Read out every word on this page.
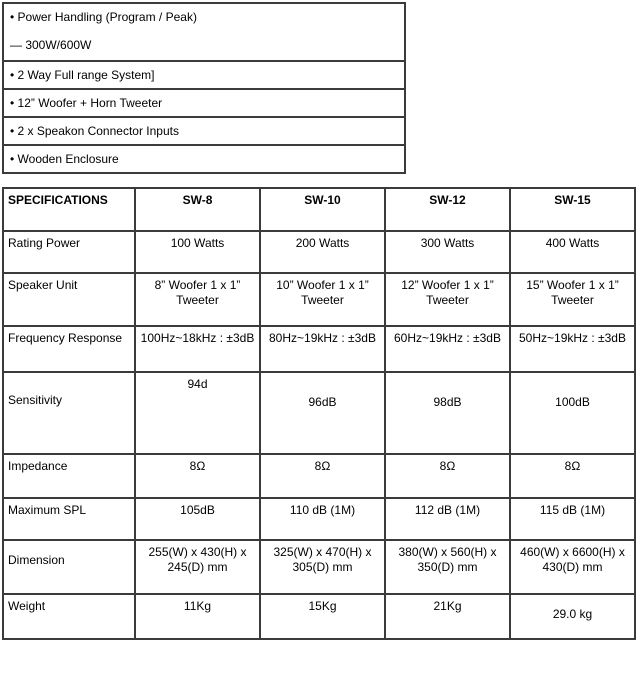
• Power Handling (Program / Peak)
— 300W/600W

• 2 Way Full range System]

• 12” Woofer + Horn Tweeter

• 2 x Speakon Connector Inputs

• Wooden Enclosure
SPECIFICATIONS	SW-8	SW-10	SW-12	SW-15
Rating Power	100 Watts	200 Watts	300 Watts	400 Watts
Speaker Unit	8” Woofer 1 x 1” Tweeter	10” Woofer 1 x 1” Tweeter	12” Woofer 1 x 1” Tweeter	15” Woofer 1 x 1” Tweeter
Frequency Response	100Hz~18kHz : ±3dB	80Hz~19kHz : ±3dB	60Hz~19kHz : ±3dB	50Hz~19kHz : ±3dB
Sensitivity	94d	96dB	98dB	100dB
Impedance	8Ω	8Ω	8Ω	8Ω
Maximum SPL	105dB	110 dB (1M)	112 dB (1M)	115 dB (1M)
Dimension	255(W) x 430(H) x 245(D) mm	325(W) x 470(H) x 305(D) mm	380(W) x 560(H) x 350(D) mm	460(W) x 6600(H) x 430(D) mm
Weight	11Kg	15Kg	21Kg	29.0 kg
